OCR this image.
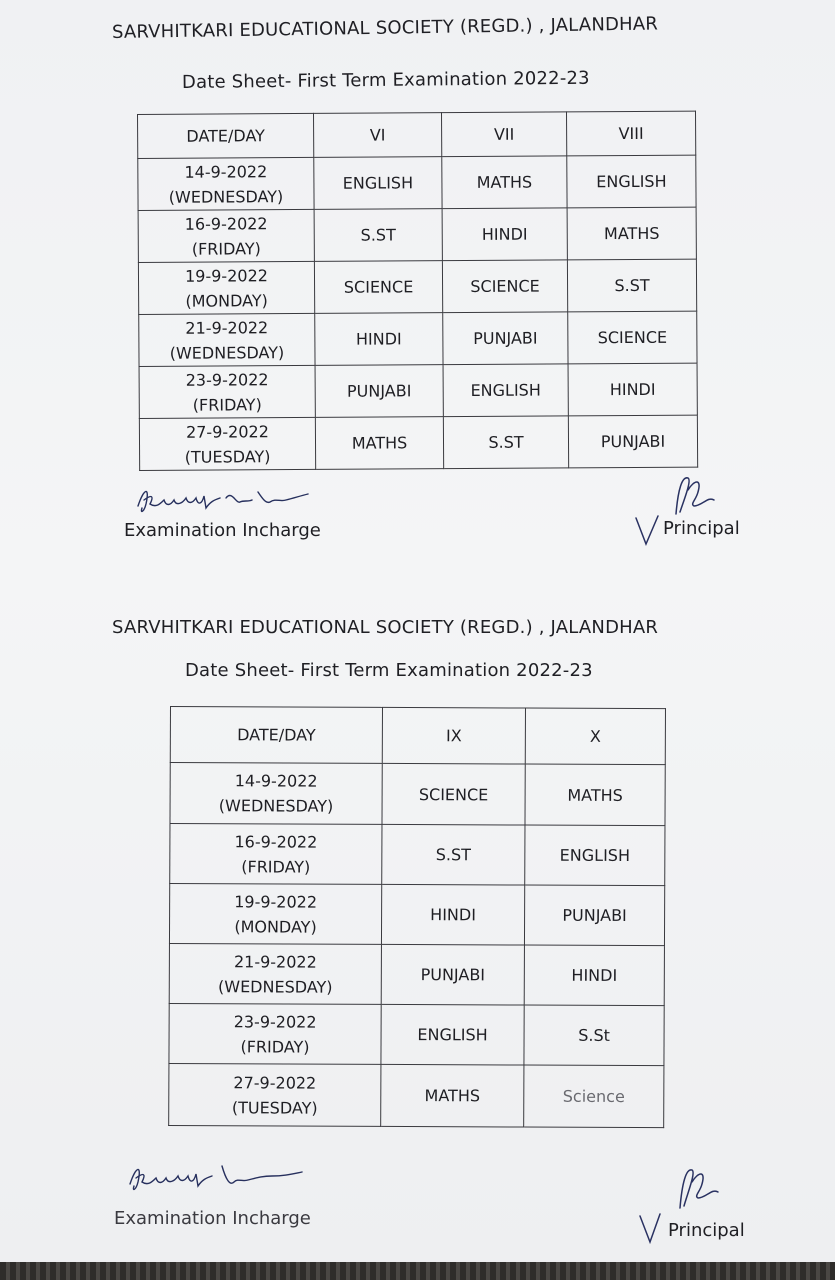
SARVHITKARI EDUCATIONAL SOCIETY (REGD.) , JALANDHAR
Date Sheet- First Term Examination 2022-23
DATE/DAY	VI	VII	VIII
14-9-2022
(WEDNESDAY)	ENGLISH	MATHS	ENGLISH
16-9-2022
(FRIDAY)	S.ST	HINDI	MATHS
19-9-2022
(MONDAY)	SCIENCE	SCIENCE	S.ST
21-9-2022
(WEDNESDAY)	HINDI	PUNJABI	SCIENCE
23-9-2022
(FRIDAY)	PUNJABI	ENGLISH	HINDI
27-9-2022
(TUESDAY)	MATHS	S.ST	PUNJABI
Examination Incharge	Principal
SARVHITKARI EDUCATIONAL SOCIETY (REGD.) , JALANDHAR
Date Sheet- First Term Examination 2022-23
DATE/DAY	IX	X
14-9-2022
(WEDNESDAY)	SCIENCE	MATHS
16-9-2022
(FRIDAY)	S.ST	ENGLISH
19-9-2022
(MONDAY)	HINDI	PUNJABI
21-9-2022
(WEDNESDAY)	PUNJABI	HINDI
23-9-2022
(FRIDAY)	ENGLISH	S.St
27-9-2022
(TUESDAY)	MATHS	Science
Examination Incharge
Principal
